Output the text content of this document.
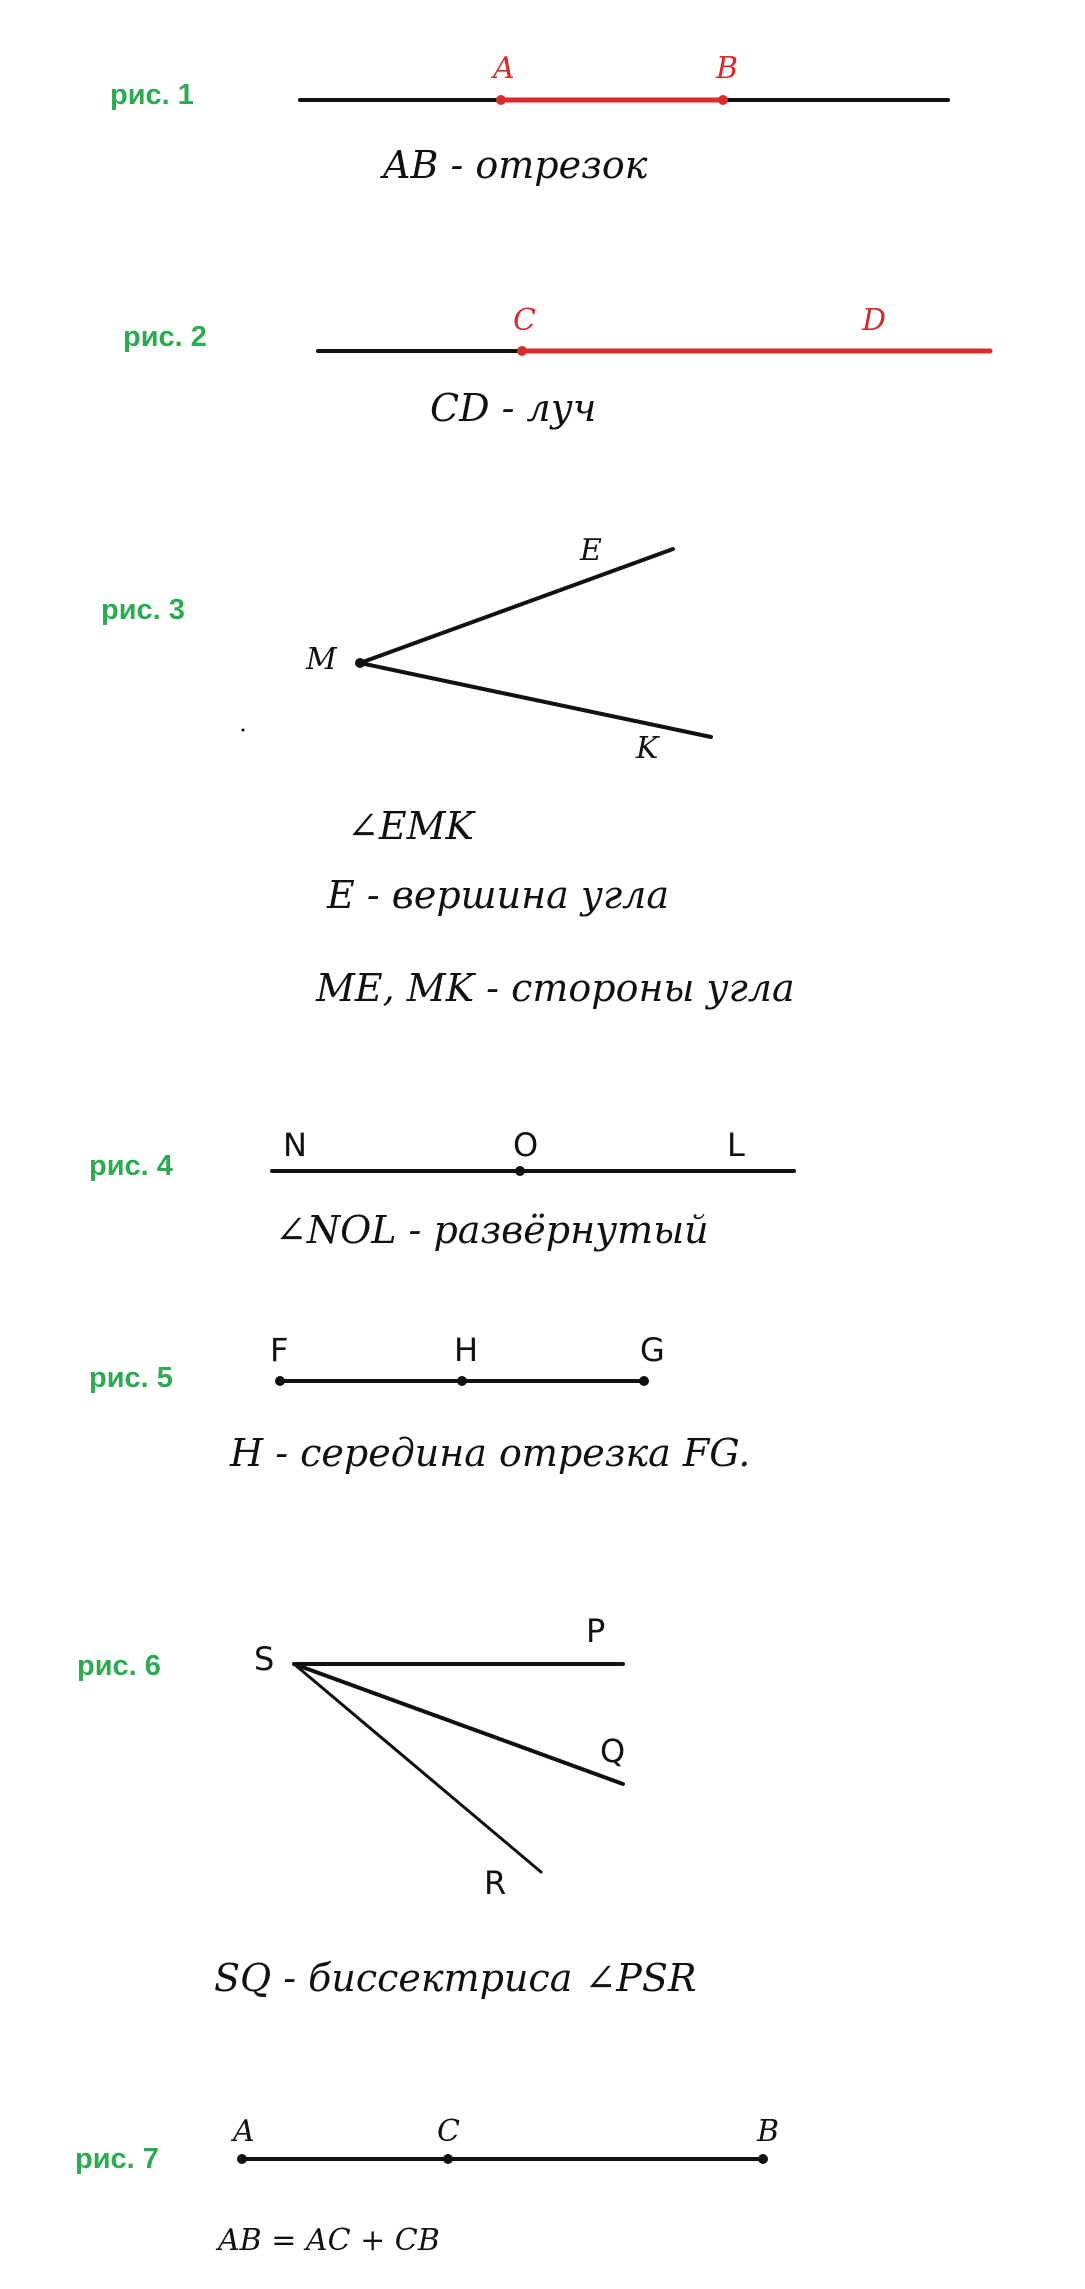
рис. 1
A	B
AB - отрезок
рис. 2	C	D
CD - луч
рис. 3
E
M
K
∠EMK
E - вершина угла
ME, MK - стороны угла
рис. 4
N	O	L
∠NOL - развёрнутый
рис. 5
F	H	G
H - середина отрезка FG.
рис. 6	S
P
Q
R
SQ - биссектриса ∠PSR
рис. 7
A	C	B
AB = AC + CB
